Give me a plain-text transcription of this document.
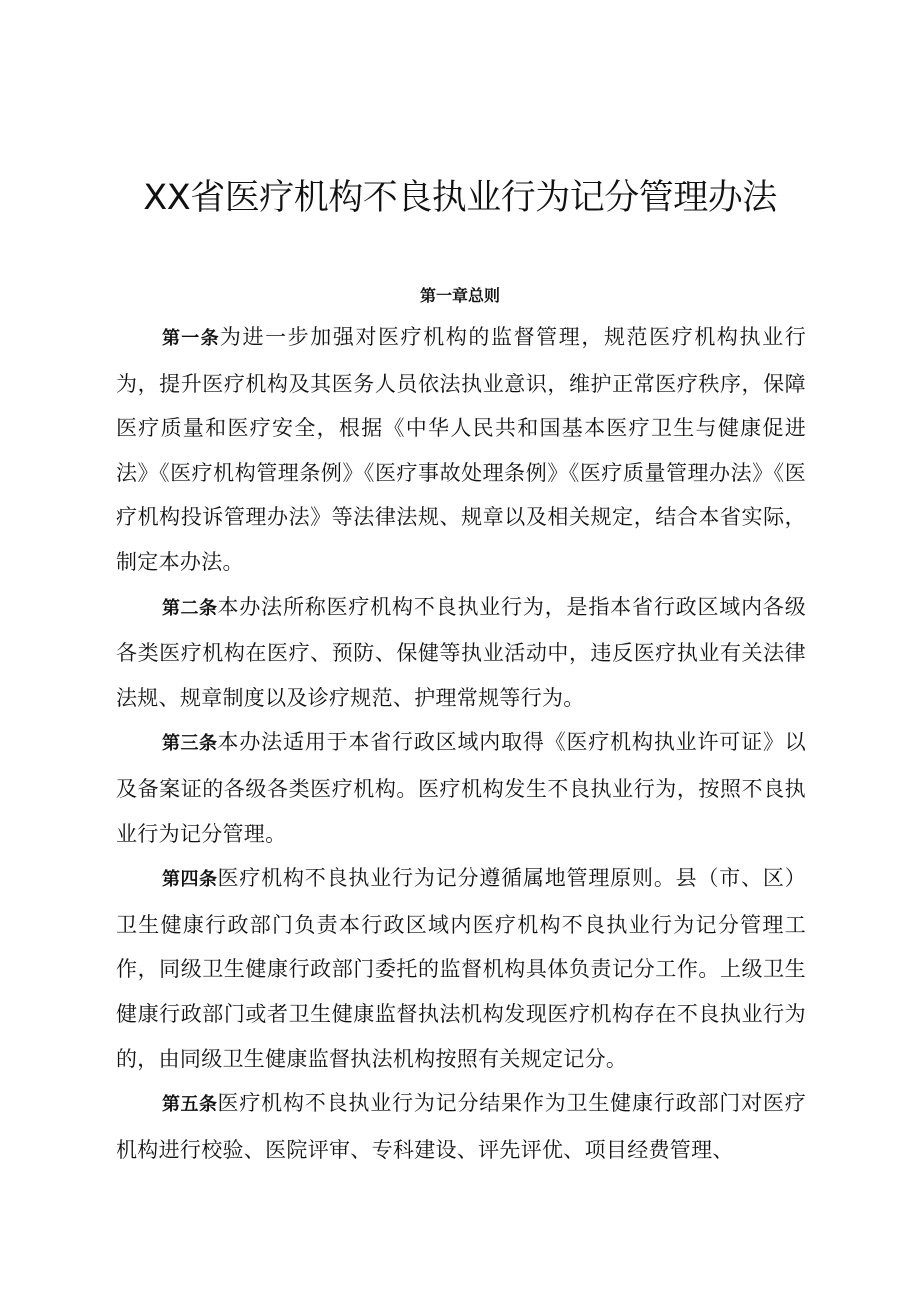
XX省医疗机构不良执业行为记分管理办法
第一章总则

第一条为进一步加强对医疗机构的监督管理，规范医疗机构执业行为，提升医疗机构及其医务人员依法执业意识，维护正常医疗秩序，保障医疗质量和医疗安全，根据《中华人民共和国基本医疗卫生与健康促进法》《医疗机构管理条例》《医疗事故处理条例》《医疗质量管理办法》《医疗机构投诉管理办法》等法律法规、规章以及相关规定，结合本省实际，制定本办法。

第二条本办法所称医疗机构不良执业行为，是指本省行政区域内各级各类医疗机构在医疗、预防、保健等执业活动中，违反医疗执业有关法律法规、规章制度以及诊疗规范、护理常规等行为。

第三条本办法适用于本省行政区域内取得《医疗机构执业许可证》以及备案证的各级各类医疗机构。医疗机构发生不良执业行为，按照不良执业行为记分管理。

第四条医疗机构不良执业行为记分遵循属地管理原则。县（市、区）卫生健康行政部门负责本行政区域内医疗机构不良执业行为记分管理工作，同级卫生健康行政部门委托的监督机构具体负责记分工作。上级卫生健康行政部门或者卫生健康监督执法机构发现医疗机构存在不良执业行为的，由同级卫生健康监督执法机构按照有关规定记分。

第五条医疗机构不良执业行为记分结果作为卫生健康行政部门对医疗机构进行校验、医院评审、专科建设、评先评优、项目经费管理、
